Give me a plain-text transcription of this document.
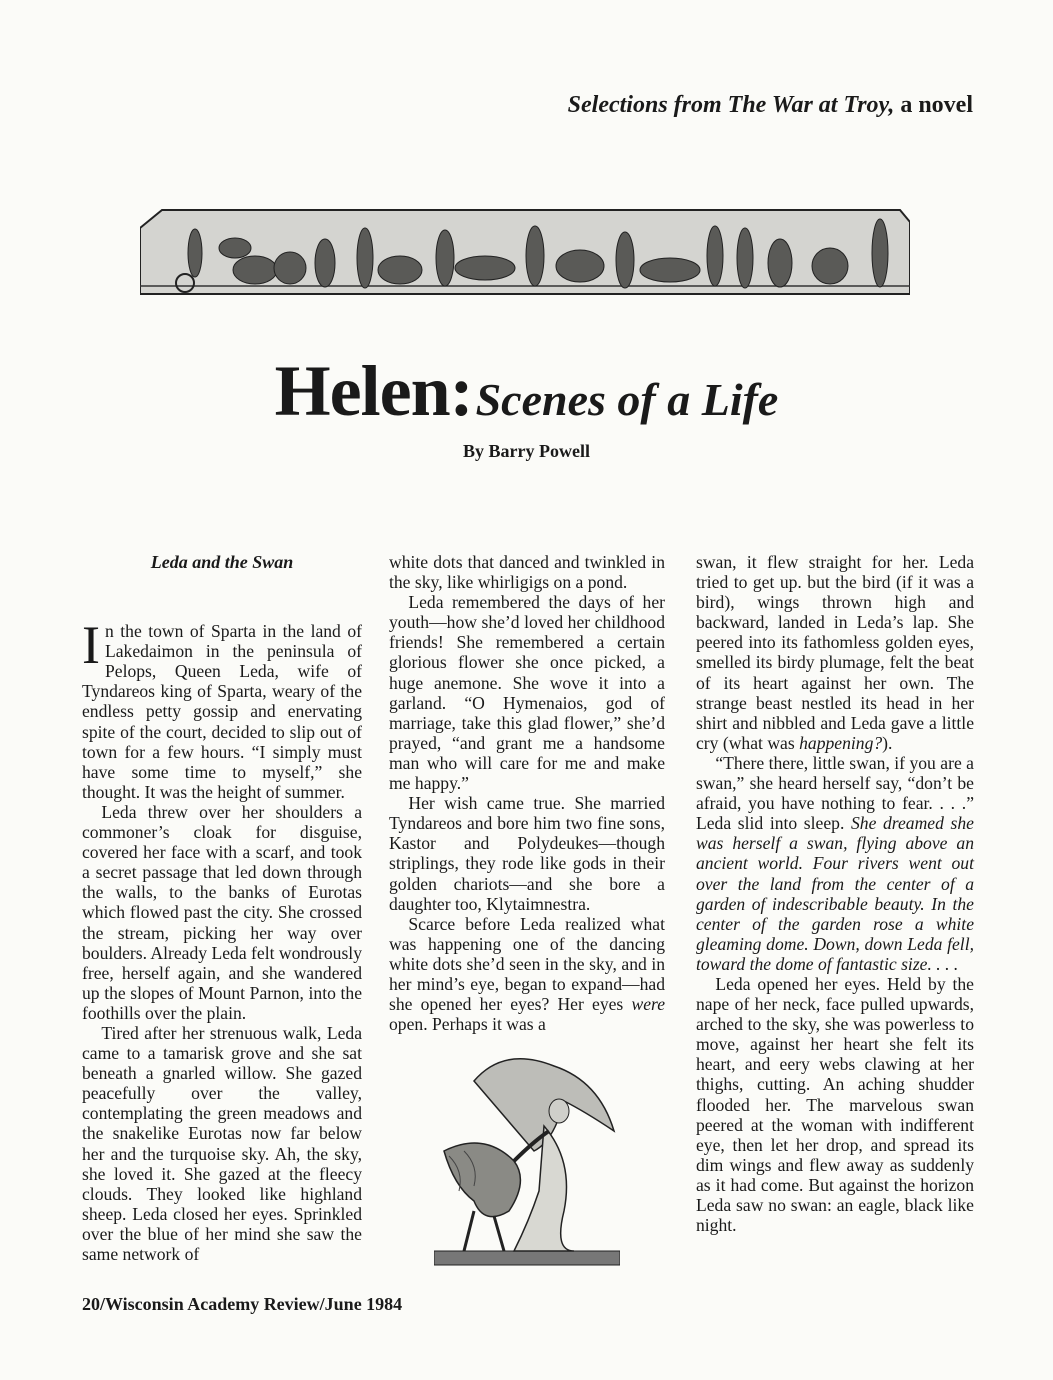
Selections from The War at Troy, a novel
Helen: Scenes of a Life
By Barry Powell
Leda and the Swan

In the town of Sparta in the land of Lakedaimon in the peninsula of Pelops, Queen Leda, wife of Tyndareos king of Sparta, weary of the endless petty gossip and enervating spite of the court, decided to slip out of town for a few hours. “I simply must have some time to myself,” she thought. It was the height of summer.

Leda threw over her shoulders a commoner’s cloak for disguise, covered her face with a scarf, and took a secret passage that led down through the walls, to the banks of Eurotas which flowed past the city. She crossed the stream, picking her way over boulders. Already Leda felt wondrously free, herself again, and she wandered up the slopes of Mount Parnon, into the foothills over the plain.

Tired after her strenuous walk, Leda came to a tamarisk grove and she sat beneath a gnarled willow. She gazed peacefully over the valley, contemplating the green meadows and the snakelike Eurotas now far below her and the turquoise sky. Ah, the sky, she loved it. She gazed at the fleecy clouds. They looked like highland sheep. Leda closed her eyes. Sprinkled over the blue of her mind she saw the same network of

white dots that danced and twinkled in the sky, like whirligigs on a pond.

Leda remembered the days of her youth—how she’d loved her childhood friends! She remembered a certain glorious flower she once picked, a huge anemone. She wove it into a garland. “O Hymenaios, god of marriage, take this glad flower,” she’d prayed, “and grant me a handsome man who will care for me and make me happy.”

Her wish came true. She married Tyndareos and bore him two fine sons, Kastor and Polydeukes—though striplings, they rode like gods in their golden chariots—and she bore a daughter too, Klytaimnestra.

Scarce before Leda realized what was happening one of the dancing white dots she’d seen in the sky, and in her mind’s eye, began to expand—had she opened her eyes? Her eyes were open. Perhaps it was a

swan, it flew straight for her. Leda tried to get up. but the bird (if it was a bird), wings thrown high and backward, landed in Leda’s lap. She peered into its fathomless golden eyes, smelled its birdy plumage, felt the beat of its heart against her own. The strange beast nestled its head in her shirt and nibbled and Leda gave a little cry (what was happening?).

“There there, little swan, if you are a swan,” she heard herself say, “don’t be afraid, you have nothing to fear. . . .” Leda slid into sleep. She dreamed she was herself a swan, flying above an ancient world. Four rivers went out over the land from the center of a garden of indescribable beauty. In the center of the garden rose a white gleaming dome. Down, down Leda fell, toward the dome of fantastic size. . . .

Leda opened her eyes. Held by the nape of her neck, face pulled upwards, arched to the sky, she was powerless to move, against her heart she felt its heart, and eery webs clawing at her thighs, cutting. An aching shudder flooded her. The marvelous swan peered at the woman with indifferent eye, then let her drop, and spread its dim wings and flew away as suddenly as it had come. But against the horizon Leda saw no swan: an eagle, black like night.

20/Wisconsin Academy Review/June 1984
